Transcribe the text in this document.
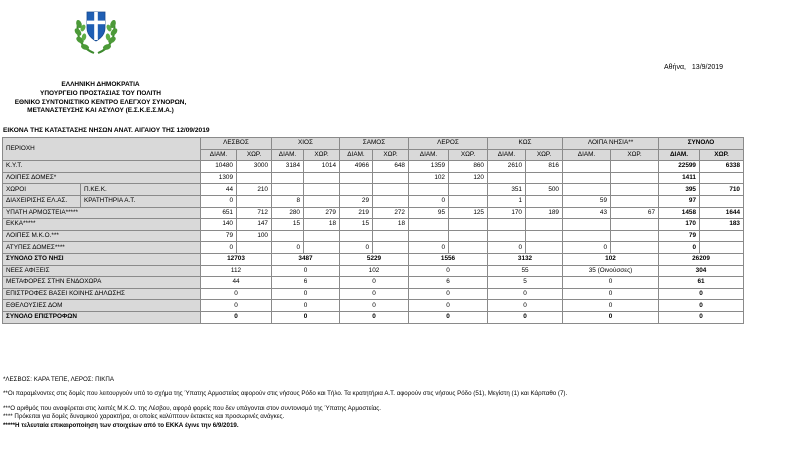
Αθήνα, 13/9/2019
ΕΛΛΗΝΙΚΗ ΔΗΜΟΚΡΑΤΙΑ
ΥΠΟΥΡΓΕΙΟ ΠΡΟΣΤΑΣΙΑΣ ΤΟΥ ΠΟΛΙΤΗ
ΕΘΝΙΚΟ ΣΥΝΤΟΝΙΣΤΙΚΟ ΚΕΝΤΡΟ ΕΛΕΓΧΟΥ ΣΥΝΟΡΩΝ,
ΜΕΤΑΝΑΣΤΕΥΣΗΣ ΚΑΙ ΑΣΥΛΟΥ (Ε.Σ.Κ.Ε.Σ.Μ.Α.)
ΕΙΚΟΝΑ ΤΗΣ ΚΑΤΑΣΤΑΣΗΣ ΝΗΣΩΝ ΑΝΑΤ. ΑΙΓΑΙΟΥ ΤΗΣ 12/09/2019
ΠΕΡΙΟΧΗ		ΛΕΣΒΟΣ		ΧΙΟΣ		ΣΑΜΟΣ		ΛΕΡΟΣ		ΚΩΣ		ΛΟΙΠΑ ΝΗΣΙΑ**		ΣΥΝΟΛΟ	
		ΔΙΑΜ.	ΧΩΡ.	ΔΙΑΜ.	ΧΩΡ.	ΔΙΑΜ.	ΧΩΡ.	ΔΙΑΜ.	ΧΩΡ.	ΔΙΑΜ.	ΧΩΡ.	ΔΙΑΜ.	ΧΩΡ.	ΔΙΑΜ.	ΧΩΡ.
Κ.Υ.Τ.		10480	3000	3184	1014	4966	648	1359	860	2610	816			22599	6338
ΛΟΙΠΕΣ ΔΟΜΕΣ*		1309						102	120					1411	
ΧΩΡΟΙ	Π.ΚΕ.Κ.	44	210							351	500			395	710
ΔΙΑΧΕΙΡΙΣΗΣ ΕΛ.ΑΣ.	ΚΡΑΤΗΤΗΡΙΑ Α.Τ.	0		8		29		0		1		59		97	
ΥΠΑΤΗ ΑΡΜΟΣΤΕΙΑ*****		651	712	280	279	219	272	95	125	170	189	43	67	1458	1644
ΕΚΚΑ*****		140	147	15	18	15	18							170	183
ΛΟΙΠΕΣ Μ.Κ.Ο.***		79	100											79	
ΑΤΥΠΕΣ ΔΟΜΕΣ****		0		0		0		0		0		0		0	
ΣΥΝΟΛΟ ΣΤΟ ΝΗΣΙ		12703		3487		5229		1556		3132		102		26209	
ΝΕΕΣ ΑΦΙΞΕΙΣ		112		0		102		0		55		35 (Οινούσσες)		304	
ΜΕΤΑΦΟΡΕΣ ΣΤΗΝ ΕΝΔΟΧΩΡΑ		44		6		0		6		5		0		61	
ΕΠΙΣΤΡΟΦΕΣ ΒΑΣΕΙ ΚΟΙΝΗΣ ΔΗΛΩΣΗΣ		0		0		0		0		0		0		0	
ΕΘΕΛΟΥΣΙΕΣ ΔΟΜ		0		0		0		0		0		0		0	
ΣΥΝΟΛΟ ΕΠΙΣΤΡΟΦΩΝ		0		0		0		0		0		0		0	
*ΛΕΣΒΟΣ: ΚΑΡΑ ΤΕΠΕ, ΛΕΡΟΣ: ΠΙΚΠΑ
**Οι παραμένοντες στις δομές που λειτουργούν υπό το σχήμα της Ύπατης Αρμοστείας αφορούν στις νήσους Ρόδο και Τήλο. Τα κρατητήρια Α.Τ. αφορούν στις νήσους Ρόδο (51), Μεγίστη (1) και Κάρπαθο (7).
***Ο αριθμός που αναφέρεται στις λοιπές Μ.Κ.Ο. της Λέσβου, αφορά φορείς που δεν υπάγονται στον συντονισμό της Ύπατης Αρμοστείας.
**** Πρόκειται για δομές δυναμικού χαρακτήρα, οι οποίες καλύπτουν έκτακτες και προσωρινές ανάγκες.
*****Η τελευταία επικαιροποίηση των στοιχείων από το ΕΚΚΑ έγινε την 6/9/2019.
